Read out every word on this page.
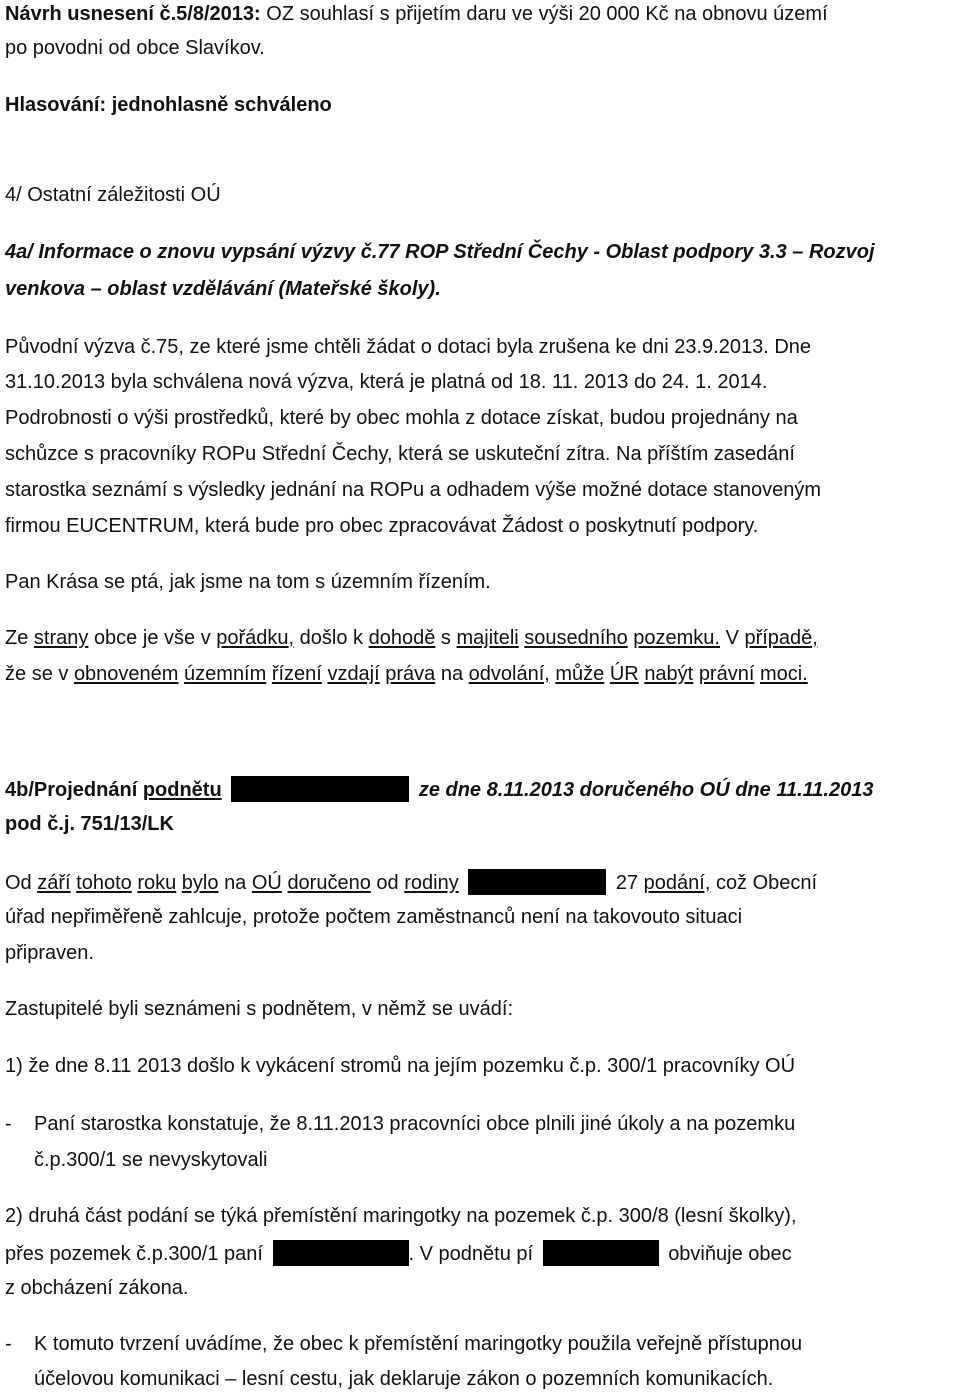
Návrh usnesení č.5/8/2013: OZ souhlasí s přijetím daru ve výši 20 000 Kč na obnovu území
po povodni od obce Slavíkov.
Hlasování: jednohlasně schváleno
4/ Ostatní záležitosti OÚ
4a/ Informace o znovu vypsání výzvy č.77 ROP Střední Čechy - Oblast podpory 3.3 – Rozvoj
venkova – oblast vzdělávání (Mateřské školy).
Původní výzva č.75, ze které jsme chtěli žádat o dotaci byla zrušena ke dni 23.9.2013. Dne
31.10.2013 byla schválena nová výzva, která je platná od 18. 11. 2013 do 24. 1. 2014.
Podrobnosti o výši prostředků, které by obec mohla z dotace získat, budou projednány na
schůzce s pracovníky ROPu Střední Čechy, která se uskuteční zítra. Na příštím zasedání
starostka seznámí s výsledky jednání na ROPu a odhadem výše možné dotace stanoveným
firmou EUCENTRUM, která bude pro obec zpracovávat Žádost o poskytnutí podpory.
Pan Krása se ptá, jak jsme na tom s územním řízením.
Ze strany obce je vše v pořádku, došlo k dohodě s majiteli sousedního pozemku. V případě,
že se v obnoveném územním řízení vzdají práva na odvolání, může ÚR nabýt právní moci.
4b/Projednání podnětu	ze dne 8.11.2013 doručeného OÚ dne 11.11.2013
pod č.j. 751/13/LK
Od září tohoto roku bylo na OÚ doručeno od rodiny	27 podání, což Obecní
úřad nepřiměřeně zahlcuje, protože počtem zaměstnanců není na takovouto situaci
připraven.
Zastupitelé byli seznámeni s podnětem, v němž se uvádí:
1) že dne 8.11 2013 došlo k vykácení stromů na jejím pozemku č.p. 300/1 pracovníky OÚ
- Paní starostka konstatuje, že 8.11.2013 pracovníci obce plnili jiné úkoly a na pozemku
č.p.300/1 se nevyskytovali
2) druhá část podání se týká přemístění maringotky na pozemek č.p. 300/8 (lesní školky),
přes pozemek č.p.300/1 paní	. V podnětu pí	obviňuje obec
z obcházení zákona.
- K tomuto tvrzení uvádíme, že obec k přemístění maringotky použila veřejně přístupnou
účelovou komunikaci – lesní cestu, jak deklaruje zákon o pozemních komunikacích.
